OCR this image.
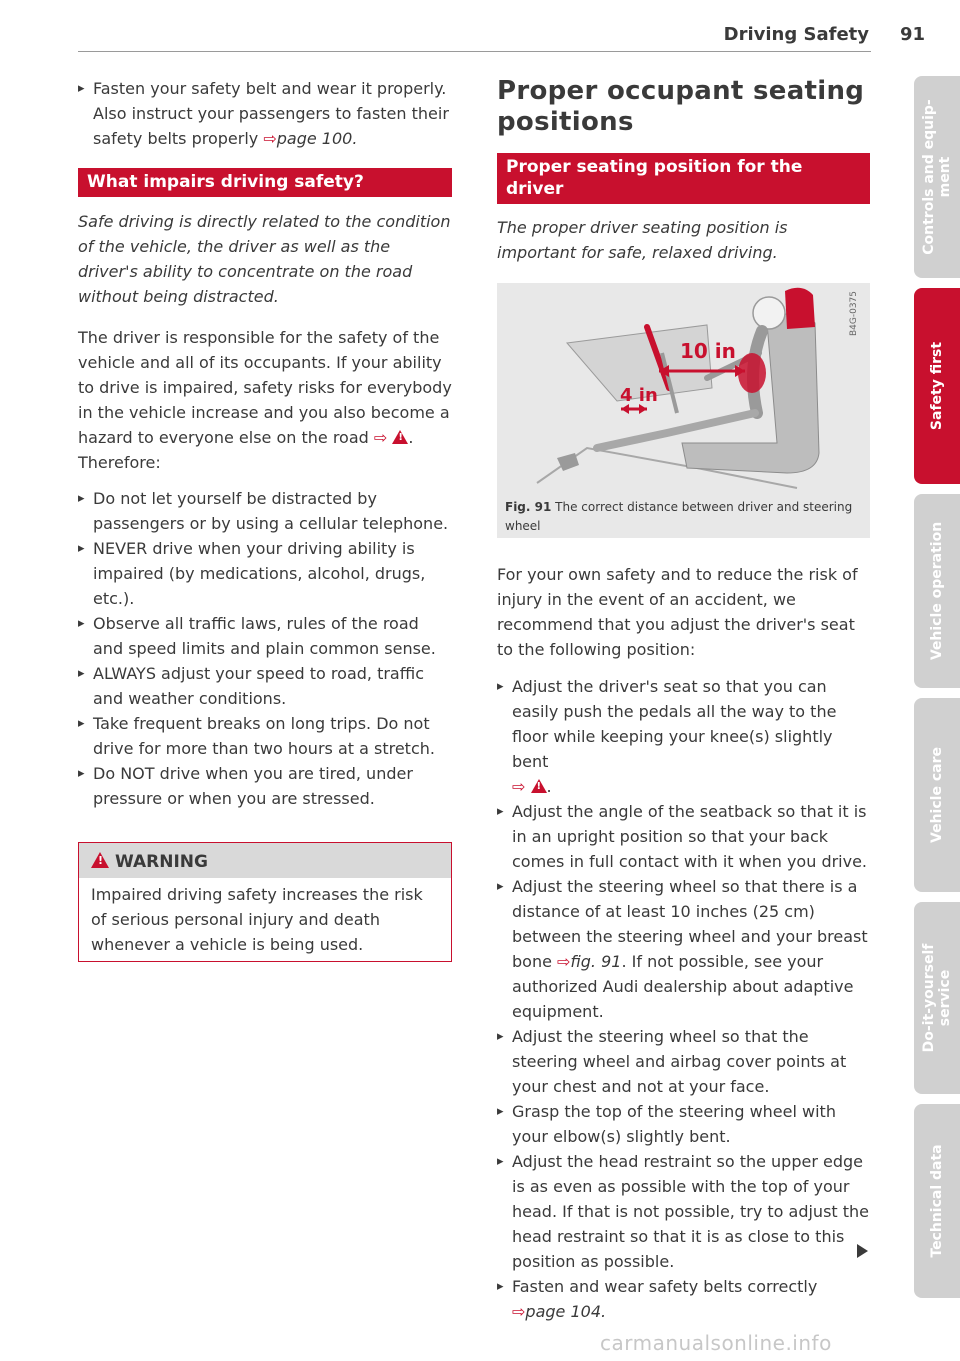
Driving Safety 91
▸ Fasten your safety belt and wear it properly. Also instruct your passengers to fasten their safety belts properly ⇨page 100.
What impairs driving safety?

Safe driving is directly related to the condition of the vehicle, the driver as well as the driver's ability to concentrate on the road without being distracted.

The driver is responsible for the safety of the vehicle and all of its occupants. If your ability to drive is impaired, safety risks for everybody in the vehicle increase and you also become a hazard to everyone else on the road ⇨ ! .
Therefore:

▸ Do not let yourself be distracted by passengers or by using a cellular telephone.
▸ NEVER drive when your driving ability is impaired (by medications, alcohol, drugs, etc.).
▸ Observe all traffic laws, rules of the road and speed limits and plain common sense.
▸ ALWAYS adjust your speed to road, traffic and weather conditions.
▸ Take frequent breaks on long trips. Do not drive for more than two hours at a stretch.
▸ Do NOT drive when you are tired, under pressure or when you are stressed.
!WARNING
Impaired driving safety increases the risk of serious personal injury and death whenever a vehicle is being used.
Proper occupant seating positions
Proper seating position for the driver

The proper driver seating position is important for safe, relaxed driving.

10 in
4 in
B4G-0375
Fig. 91 The correct distance between driver and steering wheel

For your own safety and to reduce the risk of injury in the event of an accident, we recommend that you adjust the driver's seat to the following position:

▸ Adjust the driver's seat so that you can easily push the pedals all the way to the floor while keeping your knee(s) slightly bent
⇨ ! .
▸ Adjust the angle of the seatback so that it is in an upright position so that your back comes in full contact with it when you drive.
▸ Adjust the steering wheel so that there is a distance of at least 10 inches (25 cm) between the steering wheel and your breast bone ⇨fig. 91. If not possible, see your authorized Audi dealership about adaptive equipment.
▸ Adjust the steering wheel so that the steering wheel and airbag cover points at your chest and not at your face.
▸ Grasp the top of the steering wheel with your elbow(s) slightly bent.
▸ Adjust the head restraint so the upper edge is as even as possible with the top of your head. If that is not possible, try to adjust the head restraint so that it is as close to this position as possible.
▸ Fasten and wear safety belts correctly
⇨page 104.
Controls and equip-
ment
Safety first
Vehicle operation
Vehicle care
Do-it-yourself
service
Technical data
carmanualsonline.info
